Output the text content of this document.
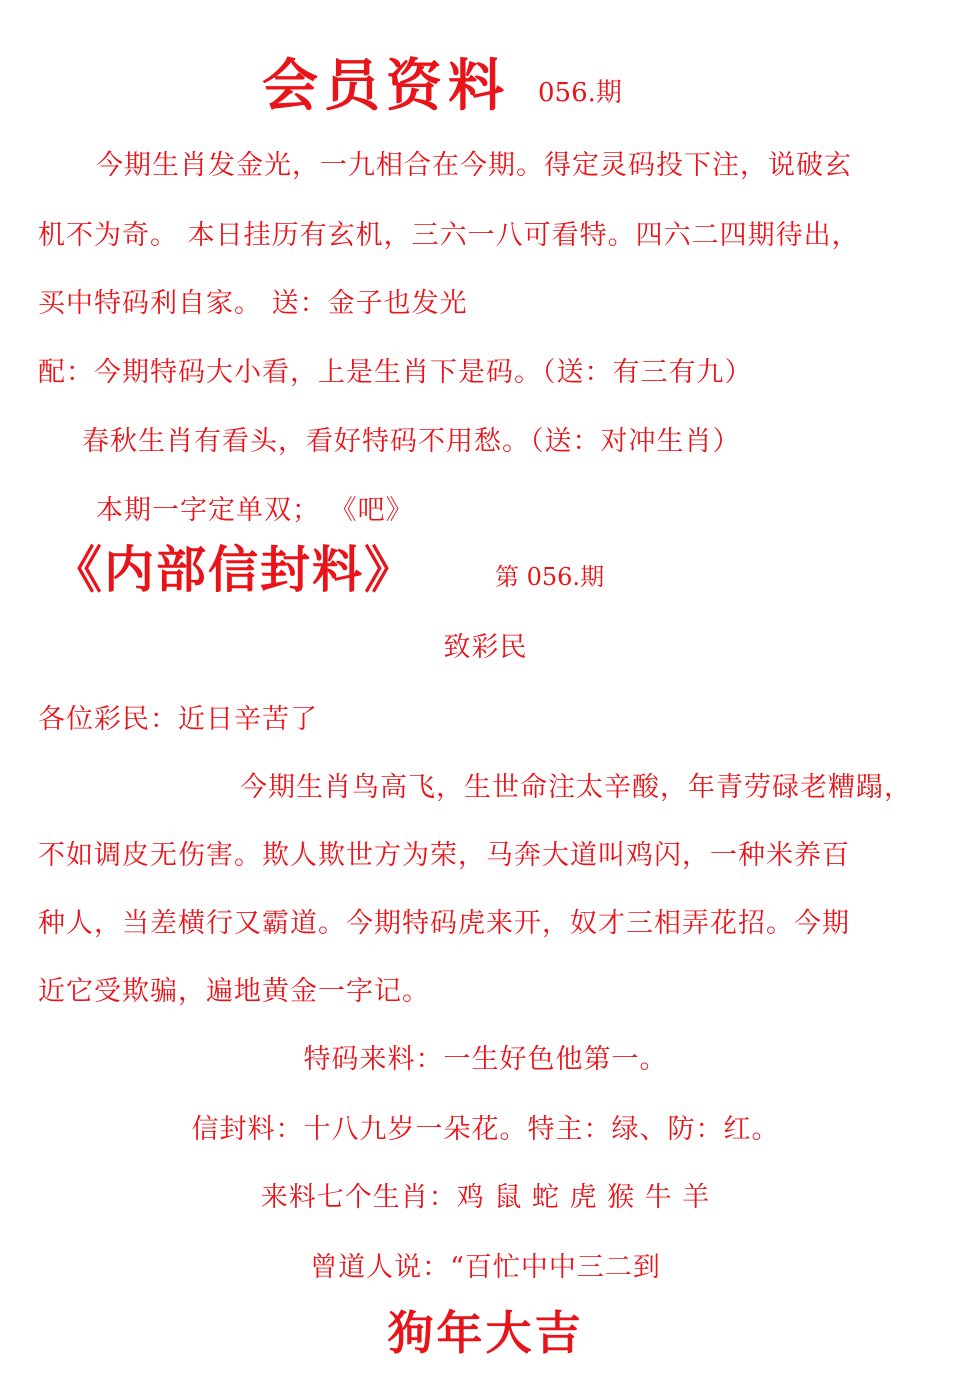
会员资料 056.期
今期生肖发金光，一九相合在今期。得定灵码投下注，说破玄
机不为奇。 本日挂历有玄机，三六一八可看特。四六二四期待出，
买中特码利自家。 送：金子也发光
配：今期特码大小看，上是生肖下是码。（送：有三有九）
春秋生肖有看头，看好特码不用愁。（送：对冲生肖）
本期一字定单双； 《吧》
《内部信封料》	第 056.期
致彩民
各位彩民：近日辛苦了
今期生肖鸟高飞，生世命注太辛酸，年青劳碌老糟蹋，
不如调皮无伤害。欺人欺世方为荣，马奔大道叫鸡闪，一种米养百
种人，当差横行又霸道。今期特码虎来开，奴才三相弄花招。今期
近它受欺骗，遍地黄金一字记。
特码来料：一生好色他第一。
信封料：十八九岁一朵花。特主：绿、防：红。
来料七个生肖：鸡 鼠 蛇 虎 猴 牛 羊
曾道人说：“百忙中中三二到
狗年大吉
